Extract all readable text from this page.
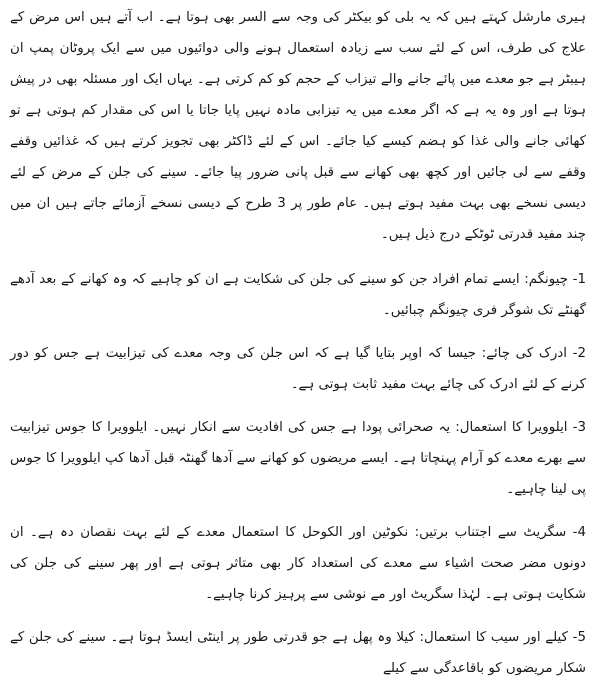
ہیری مارشل کہتے ہیں کہ یہ بلی کو بیکٹر کی وجہ سے السر بھی ہوتا ہے۔ اب آتے ہیں اس مرض کے علاج کی طرف، اس کے لئے سب سے زیادہ استعمال ہونے والی دوائیوں میں سے ایک پروٹان پمپ ان ہیبٹر ہے جو معدے میں پائے جانے والے تیزاب کے حجم کو کم کرتی ہے۔ یہاں ایک اور مسئلہ بھی در پیش ہوتا ہے اور وہ یہ ہے کہ اگر معدے میں یہ تیزابی مادہ نہیں پایا جاتا یا اس کی مقدار کم ہوتی ہے تو کھائی جانے والی غذا کو ہضم کیسے کیا جائے۔ اس کے لئے ڈاکٹر بھی تجویز کرتے ہیں کہ غذائیں وقفے وقفے سے لی جائیں اور کچھ بھی کھانے سے قبل پانی ضرور پیا جائے۔ سینے کی جلن کے مرض کے لئے دیسی نسخے بھی بہت مفید ہوتے ہیں۔ عام طور پر 3 طرح کے دیسی نسخے آزمائے جاتے ہیں ان میں چند مفید قدرتی ٹوٹکے درج ذیل ہیں۔

1- چیونگم: ایسے تمام افراد جن کو سینے کی جلن کی شکایت ہے ان کو چاہیے کہ وہ کھانے کے بعد آدھے گھنٹے تک شوگر فری چیونگم چبائیں۔

2- ادرک کی چائے: جیسا کہ اوپر بتایا گیا ہے کہ اس جلن کی وجہ معدے کی تیزابیت ہے جس کو دور کرنے کے لئے ادرک کی چائے بہت مفید ثابت ہوتی ہے۔

3- ایلوویرا کا استعمال: یہ صحرائی پودا ہے جس کی افادیت سے انکار نہیں۔ ایلوویرا کا جوس تیزابیت سے بھرے معدے کو آرام پہنچاتا ہے۔ ایسے مریضوں کو کھانے سے آدھا گھنٹہ قبل آدھا کپ ایلوویرا کا جوس پی لینا چاہیے۔

4- سگریٹ سے اجتناب برتیں: نکوٹین اور الکوحل کا استعمال معدے کے لئے بہت نقصان دہ ہے۔ ان دونوں مضر صحت اشیاء سے معدے کی استعداد کار بھی متاثر ہوتی ہے اور پھر سینے کی جلن کی شکایت ہوتی ہے۔ لہٰذا سگریٹ اور مے نوشی سے پرہیز کرنا چاہیے۔

5- کیلے اور سیب کا استعمال: کیلا وہ پھل ہے جو قدرتی طور پر اینٹی ایسڈ ہوتا ہے۔ سینے کی جلن کے شکار مریضوں کو باقاعدگی سے کیلے
